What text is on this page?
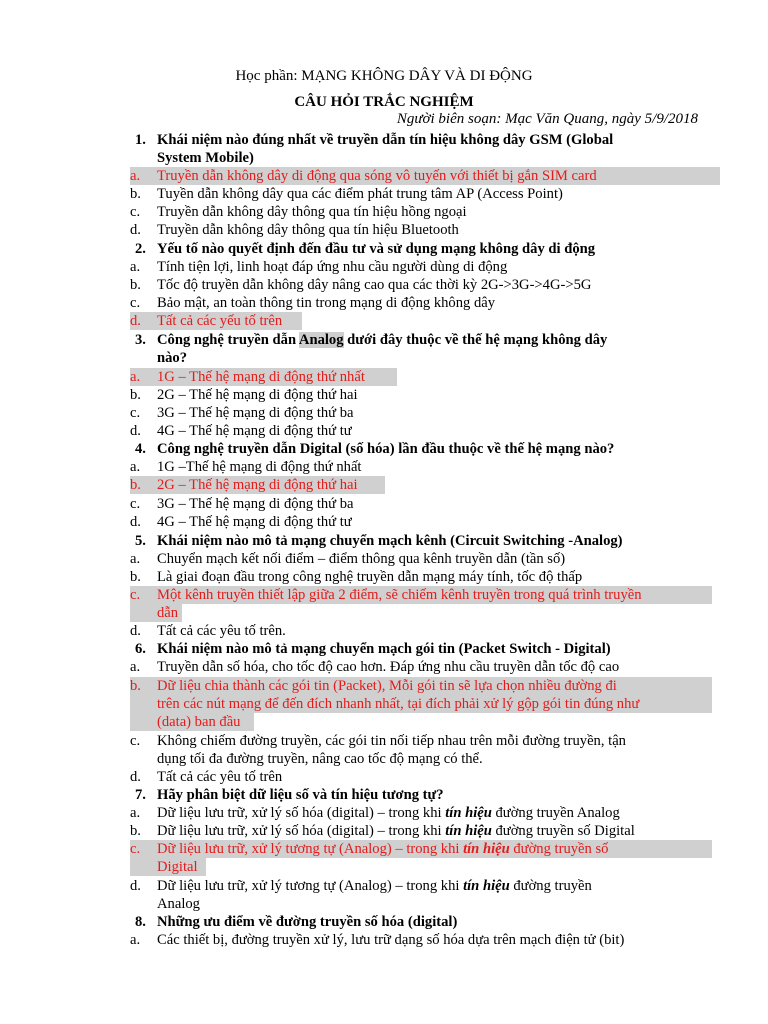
Học phần: MẠNG KHÔNG DÂY VÀ DI ĐỘNG
CÂU HỎI TRẮC NGHIỆM
Người biên soạn: Mạc Văn Quang, ngày 5/9/2018
1. Khái niệm nào đúng nhất về truyền dẫn tín hiệu không dây GSM (Global
System Mobile)
a. Truyền dẫn không dây di động qua sóng vô tuyến với thiết bị gắn SIM card
b. Tuyền dẫn không dây qua các điểm phát trung tâm AP (Access Point)
c. Truyền dẫn không dây thông qua tín hiệu hồng ngoại
d. Truyền dẫn không dây thông qua tín hiệu Bluetooth
2. Yếu tố nào quyết định đến đầu tư và sử dụng mạng không dây di động
a. Tính tiện lợi, linh hoạt đáp ứng nhu cầu người dùng di động
b. Tốc độ truyền dẫn không dây nâng cao qua các thời kỳ 2G->3G->4G->5G
c. Bảo mật, an toàn thông tin trong mạng di động không dây
d. Tất cả các yếu tố trên
3. Công nghệ truyền dẫn Analog dưới đây thuộc về thế hệ mạng không dây
nào?
a. 1G – Thế hệ mạng di động thứ nhất
b. 2G – Thế hệ mạng di động thứ hai
c. 3G – Thế hệ mạng di động thứ ba
d. 4G – Thế hệ mạng di động thứ tư
4. Công nghệ truyền dẫn Digital (số hóa) lần đầu thuộc về thế hệ mạng nào?
a. 1G –Thế hệ mạng di động thứ nhất
b. 2G – Thế hệ mạng di động thứ hai
c. 3G – Thế hệ mạng di động thứ ba
d. 4G – Thế hệ mạng di động thứ tư
5. Khái niệm nào mô tả mạng chuyển mạch kênh (Circuit Switching -Analog)
a. Chuyển mạch kết nối điểm – điểm thông qua kênh truyền dẫn (tần số)
b. Là giai đoạn đầu trong công nghệ truyền dẫn mạng máy tính, tốc độ thấp
c. Một kênh truyền thiết lập giữa 2 điểm, sẽ chiếm kênh truyền trong quá trình truyền
dẫn
d. Tất cả các yêu tố trên.
6. Khái niệm nào mô tả mạng chuyển mạch gói tin (Packet Switch - Digital)
a. Truyền dẫn số hóa, cho tốc độ cao hơn. Đáp ứng nhu cầu truyền dẫn tốc độ cao
b. Dữ liệu chia thành các gói tin (Packet), Mỗi gói tin sẽ lựa chọn nhiều đường đi
trên các nút mạng để đến đích nhanh nhất, tại đích phải xử lý gộp gói tin đúng như
(data) ban đầu
c. Không chiếm đường truyền, các gói tin nối tiếp nhau trên mỗi đường truyền, tận
dụng tối đa đường truyền, nâng cao tốc độ mạng có thể.
d. Tất cả các yêu tố trên
7. Hãy phân biệt dữ liệu số và tín hiệu tương tự?
a. Dữ liệu lưu trữ, xử lý số hóa (digital) – trong khi tín hiệu đường truyền Analog
b. Dữ liệu lưu trữ, xử lý số hóa (digital) – trong khi tín hiệu đường truyền số Digital
c. Dữ liệu lưu trữ, xử lý tương tự (Analog) – trong khi tín hiệu đường truyền số
Digital
d. Dữ liệu lưu trữ, xử lý tương tự (Analog) – trong khi tín hiệu đường truyền
Analog
8. Những ưu điểm về đường truyền số hóa (digital)
a. Các thiết bị, đường truyền xử lý, lưu trữ dạng số hóa dựa trên mạch điện tử (bit)
